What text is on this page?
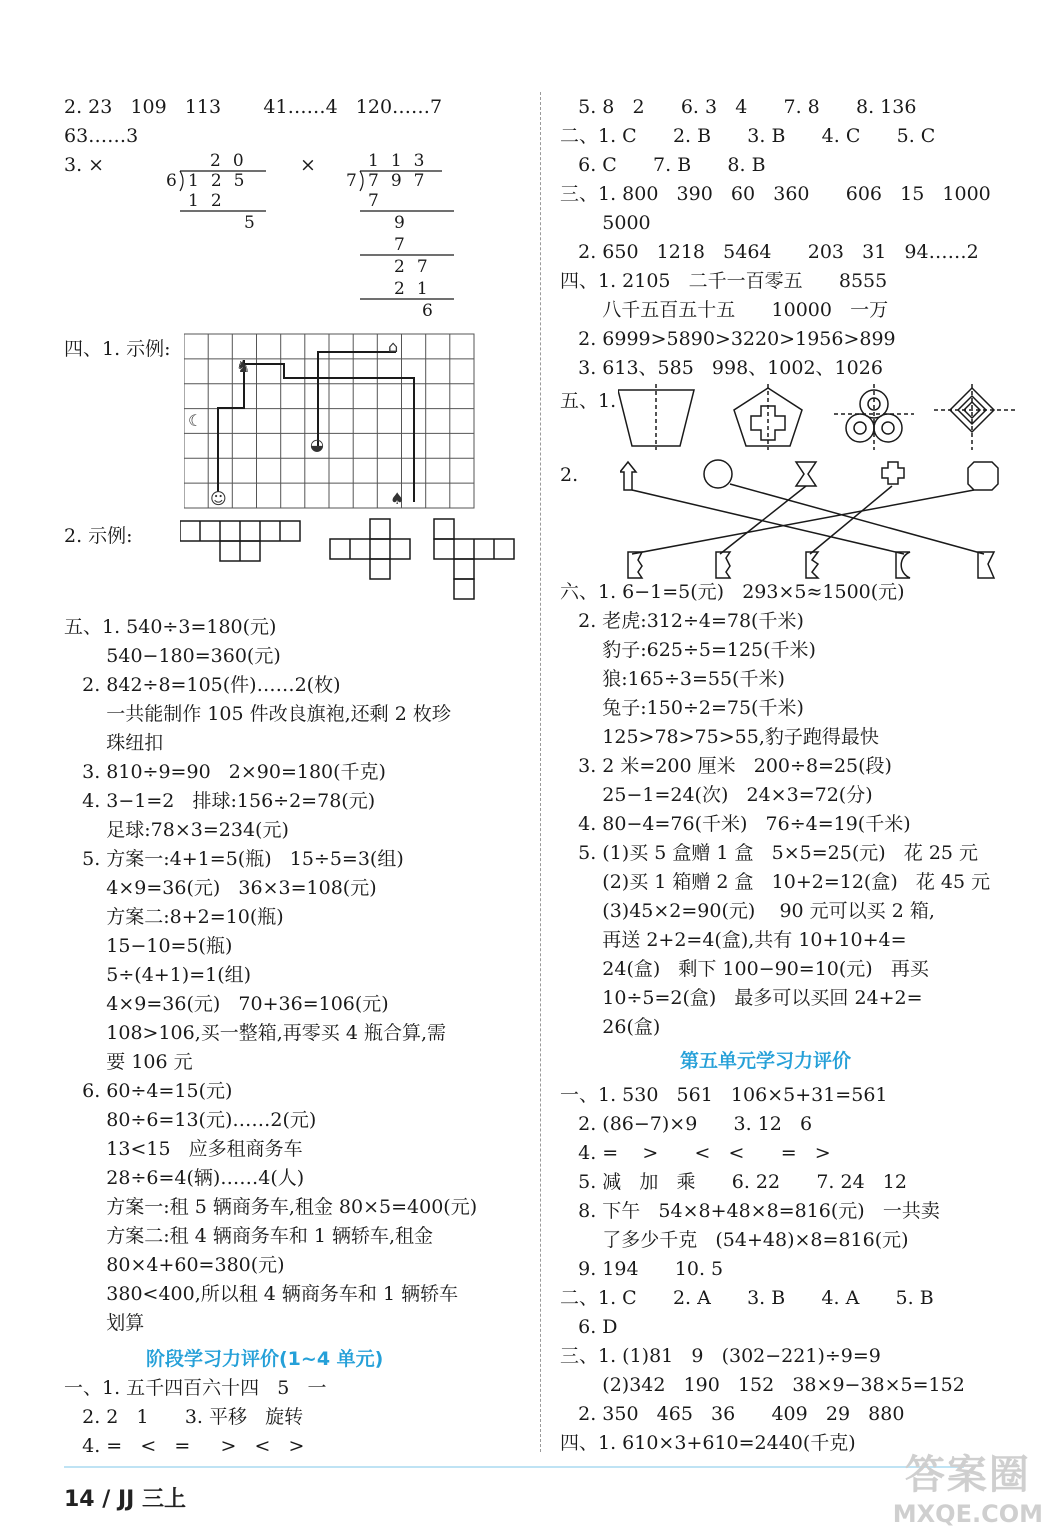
2. 23   109   113       41……4   120……7
63……3
3. ×	×
20
6 125
12
5
113
7 797
7
9
7
27
21
6
四、1. 示例:
♞
⌂
☾
◒
☺	♠
2. 示例:
五、1. 540÷3=180(元)
540−180=360(元)
2. 842÷8=105(件)……2(枚)
一共能制作 105 件改良旗袍,还剩 2 枚珍
珠纽扣
3. 810÷9=90   2×90=180(千克)
4. 3−1=2   排球:156÷2=78(元)
足球:78×3=234(元)
5. 方案一:4+1=5(瓶)   15÷5=3(组)
4×9=36(元)   36×3=108(元)
方案二:8+2=10(瓶)
15−10=5(瓶)
5÷(4+1)=1(组)
4×9=36(元)   70+36=106(元)
108>106,买一整箱,再零买 4 瓶合算,需
要 106 元
6. 60÷4=15(元)
80÷6=13(元)……2(元)
13<15   应多租商务车
28÷6=4(辆)……4(人)
方案一:租 5 辆商务车,租金 80×5=400(元)
方案二:租 4 辆商务车和 1 辆轿车,租金
80×4+60=380(元)
380<400,所以租 4 辆商务车和 1 辆轿车
划算
阶段学习力评价(1~4 单元)
一、1. 五千四百六十四   5   一
2. 2   1      3. 平移   旋转
4. =   <   =     >   <   >
5. 8   2      6. 3   4      7. 8      8. 136
二、1. C      2. B      3. B      4. C      5. C
6. C      7. B      8. B
三、1. 800   390   60   360      606   15   1000
5000
2. 650   1218   5464      203   31   94……2
四、1. 2105   二千一百零五      8555
八千五百五十五      10000   一万
2. 6999>5890>3220>1956>899
3. 613、585   998、1002、1026
五、1.
2.
六、1. 6−1=5(元)   293×5≈1500(元)
2. 老虎:312÷4=78(千米)
豹子:625÷5=125(千米)
狼:165÷3=55(千米)
兔子:150÷2=75(千米)
125>78>75>55,豹子跑得最快
3. 2 米=200 厘米   200÷8=25(段)
25−1=24(次)   24×3=72(分)
4. 80−4=76(千米)   76÷4=19(千米)
5. (1)买 5 盒赠 1 盒   5×5=25(元)   花 25 元
(2)买 1 箱赠 2 盒   10+2=12(盒)   花 45 元
(3)45×2=90(元)    90 元可以买 2 箱,
再送 2+2=4(盒),共有 10+10+4=
24(盒)   剩下 100−90=10(元)   再买
10÷5=2(盒)   最多可以买回 24+2=
26(盒)
第五单元学习力评价
一、1. 530   561   106×5+31=561
2. (86−7)×9      3. 12   6
4. =    >      <   <      =   >
5. 减   加   乘      6. 22      7. 24   12
8. 下午   54×8+48×8=816(元)   一共卖
了多少千克   (54+48)×8=816(元)
9. 194      10. 5
二、1. C      2. A      3. B      4. A      5. B
6. D
三、1. (1)81   9   (302−221)÷9=9
(2)342   190   152   38×9−38×5=152
2. 350   465   36      409   29   880
四、1. 610×3+610=2440(千克)
14 / JJ 三上
答案圈
MXQE.COM
